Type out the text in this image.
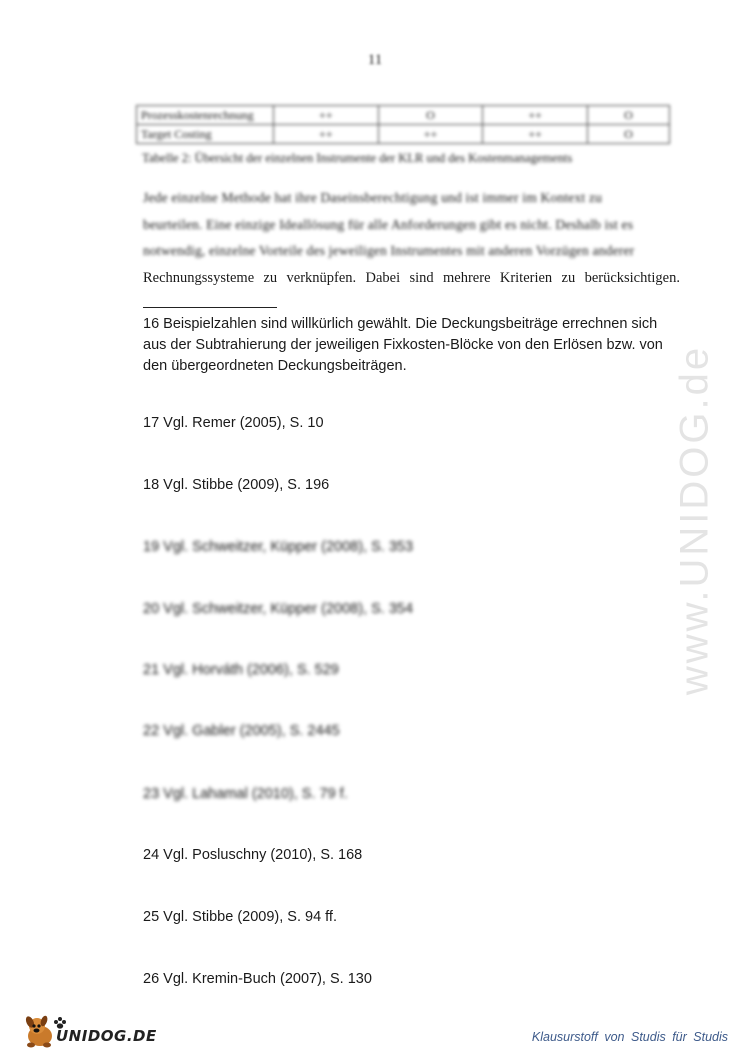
11
Prozesskostenrechnung	++	O	++	O
Target Costing	++	++	++	O
Tabelle 2: Übersicht der einzelnen Instrumente der KLR und des Kostenmanagements
Jede einzelne Methode hat ihre Daseinsberechtigung und ist immer im Kontext zu
beurteilen. Eine einzige Ideallösung für alle Anforderungen gibt es nicht. Deshalb ist es
notwendig, einzelne Vorteile des jeweiligen Instrumentes mit anderen Vorzügen anderer
Rechnungssysteme zu verknüpfen. Dabei sind mehrere Kriterien zu berücksichtigen.
16 Beispielzahlen sind willkürlich gewählt. Die Deckungsbeiträge errechnen sich aus der Subtrahierung der jeweiligen Fixkosten-Blöcke von den Erlösen bzw. von den übergeordneten Deckungsbeiträgen.
17 Vgl. Remer (2005), S. 10
18 Vgl. Stibbe (2009), S. 196
19 Vgl. Schweitzer, Küpper (2008), S. 353
20 Vgl. Schweitzer, Küpper (2008), S. 354
21 Vgl. Horváth (2006), S. 529
22 Vgl. Gabler (2005), S. 2445
23 Vgl. Lahamal (2010), S. 79 f.
24 Vgl. Posluschny (2010), S. 168
25 Vgl. Stibbe (2009), S. 94 ff.
26 Vgl. Kremin-Buch (2007), S. 130
www.UNIDOG.de
UNIDOG.DE	Klausurstoff von Studis für Studis
